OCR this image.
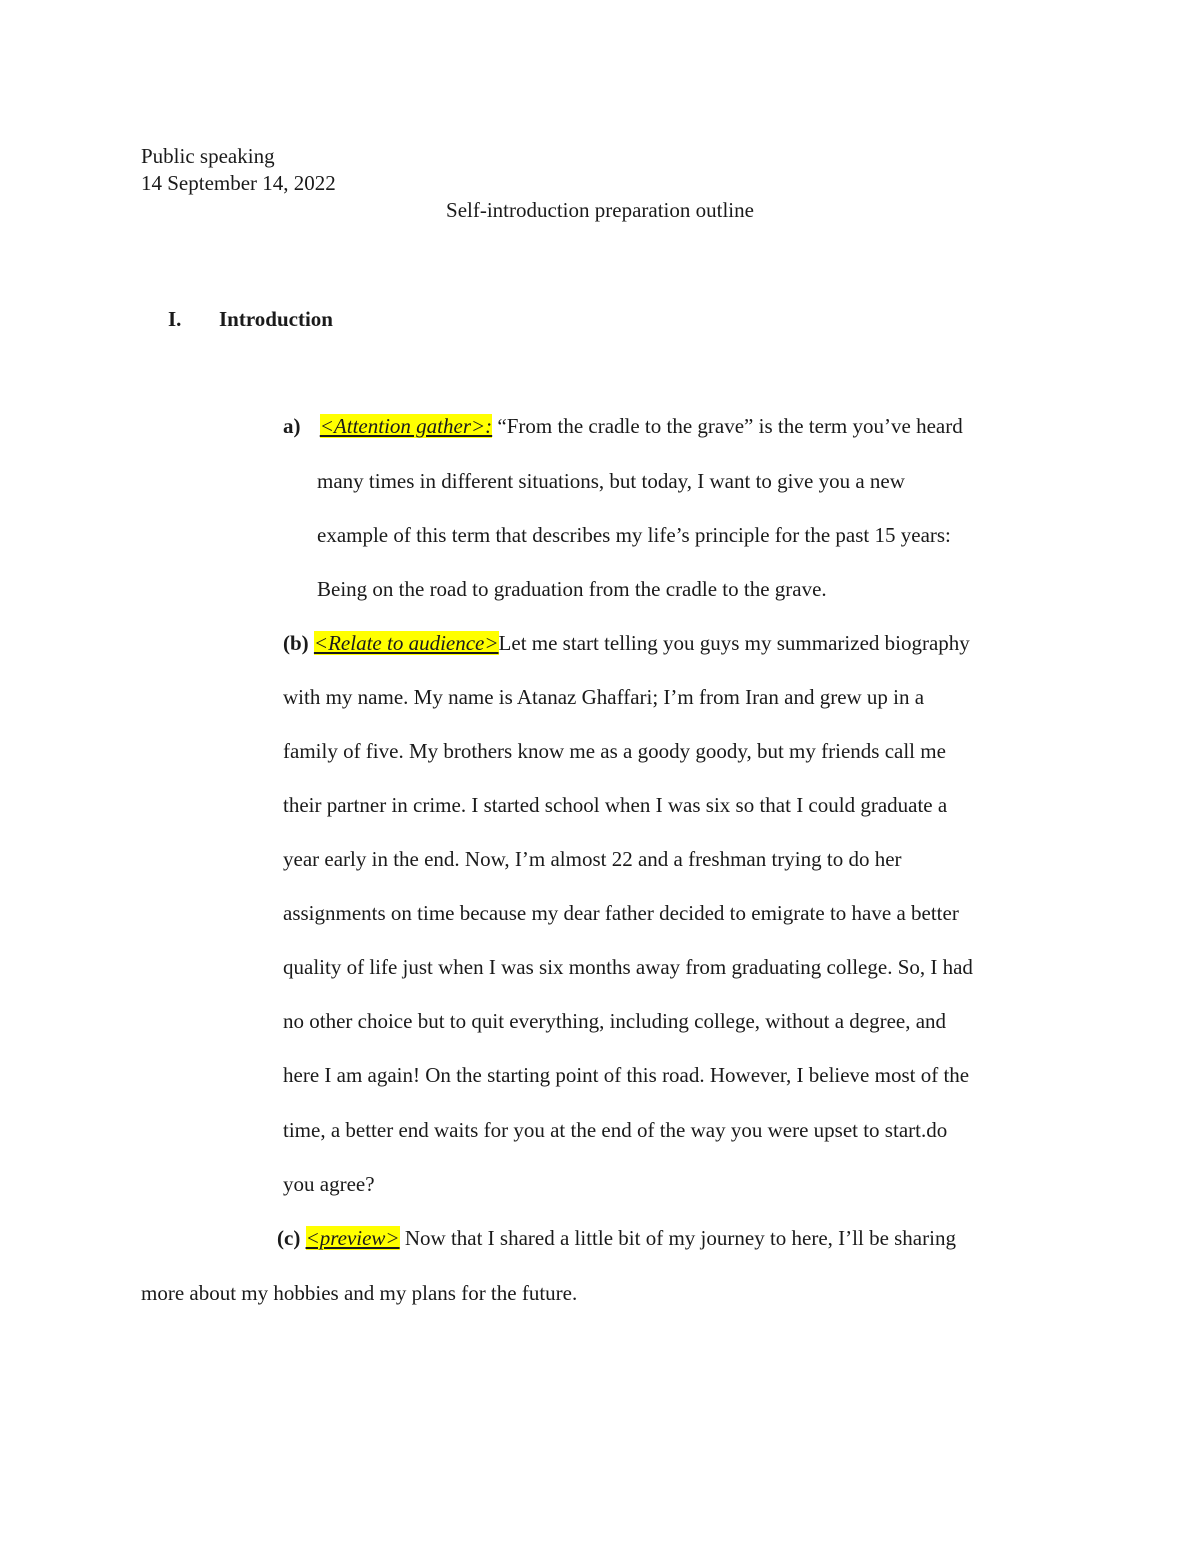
Public speaking
14 September 14, 2022
Self-introduction preparation outline
I. Introduction
a) <Attention gather>: “From the cradle to the grave” is the term you’ve heard
many times in different situations, but today, I want to give you a new
example of this term that describes my life’s principle for the past 15 years:
Being on the road to graduation from the cradle to the grave.
(b) <Relate to audience>Let me start telling you guys my summarized biography
with my name. My name is Atanaz Ghaffari; I’m from Iran and grew up in a
family of five. My brothers know me as a goody goody, but my friends call me
their partner in crime. I started school when I was six so that I could graduate a
year early in the end. Now, I’m almost 22 and a freshman trying to do her
assignments on time because my dear father decided to emigrate to have a better
quality of life just when I was six months away from graduating college. So, I had
no other choice but to quit everything, including college, without a degree, and
here I am again! On the starting point of this road. However, I believe most of the
time, a better end waits for you at the end of the way you were upset to start.do
you agree?
(c) <preview> Now that I shared a little bit of my journey to here, I’ll be sharing
more about my hobbies and my plans for the future.
